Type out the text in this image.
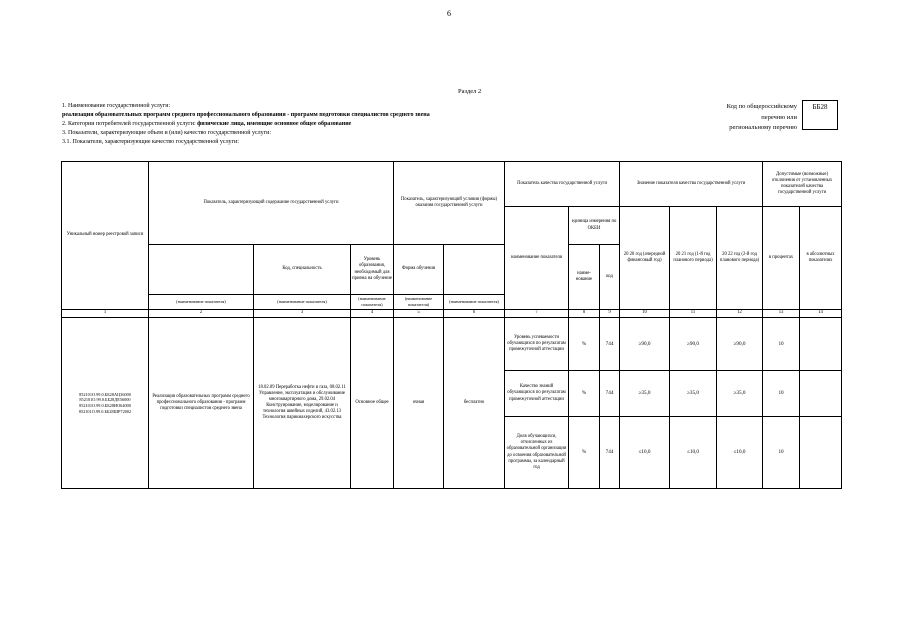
6
Раздел 2
1. Наименование государственной услуги:
реализация образовательных программ среднего профессионального образования - программ подготовки специалистов среднего звена
2. Категории потребителей государственной услуги: физические лица, имеющие основное общее образование
3. Показатели, характеризующие объем и (или) качество государственной услуги:
3.1. Показатели, характеризующие качество государственной услуги:
Код по общероссийскому
перечню или
региональному перечню
ББ28
Уникальный номер реестровой записи	Показатель, характеризующий содержание государственной услуги			Показатель, характеризующий условия (формы) оказания государственной услуги		Показатель качества государственной услуги			Значение показателя качества государственной услуги			Допустимые (возможные) отклонения от установленных показателей качества государственной услуги	
						наименование показателя	единица измерения по ОКЕИ		20 20 год (очередной финансовый год)	20 21 год (1-й год планового периода)	20 22 год (2-й год планового периода)	в процентах	в абсолютных показателях
		Код, специальность	Уровень образования, необходимый для приема на обучение	Форма обучения			наиме-нование	код					
	(наименование показателя)	(наименование показателя)	(наименование показателя)	(наименование показателя)	(наименование показателя)								
1	2	3	4	5	6	7	8	9	10	11	12	13	14
852101О.99.0.ББ28АЦ36000 852101О.99.0.ББ28ДЕ56000 852101О.99.0.ББ28ИО64000 852101О.99.0.ББ28ШР72002	Реализация образовательных программ среднего профессионального образования - программ подготовки специалистов среднего звена	18.02.09 Переработка нефти и газа, 08.02.11 Управление, эксплуатация и обслуживание многоквартирного дома, 29.02.04 Конструирование, моделирование и технология швейных изделий, 43.02.13 Технология парикмахерского искусства	Основное общее	очная	бесплатно	Уровень успеваемости обучающихся по результатам промежуточной аттестации	%	744	≥90,0	≥90,0	≥90,0	10	
						Качество знаний обучающихся по результатам промежуточной аттестации	%	744	≥35,0	≥35,0	≥35,0	10	
						Доля обучающихся, отчисленных из образовательной организации до освоения образовательной программы, за календарный год	%	744	≤10,0	≤10,0	≤10,0	10	
